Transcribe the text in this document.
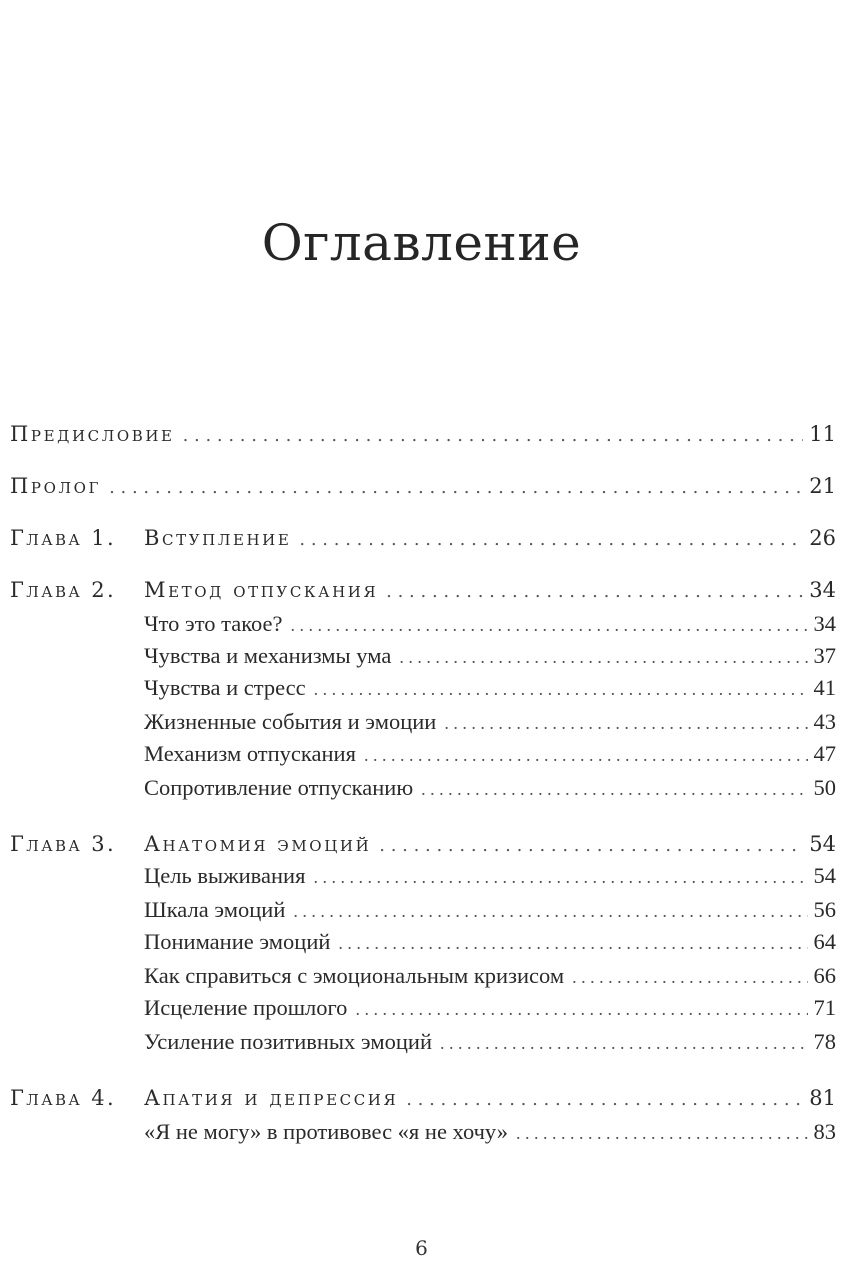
Оглавление
Предисловие . . .	11
Пролог . . .	21
Глава 1.	Вступление . . .	26
Глава 2.	Метод отпускания . . .	34
Что это такое? . . .	34
Чувства и механизмы ума . . .	37
Чувства и стресс . . .	41
Жизненные события и эмоции . . .	43
Механизм отпускания . . .	47
Сопротивление отпусканию . . .	50
Глава 3.	Анатомия эмоций . . .	54
Цель выживания . . .	54
Шкала эмоций . . .	56
Понимание эмоций . . .	64
Как справиться с эмоциональным кризисом . . .	66
Исцеление прошлого . . .	71
Усиление позитивных эмоций . . .	78
Глава 4.	Апатия и депрессия . . .	81
«Я не могу» в противовес «я не хочу» . . .	83
6
